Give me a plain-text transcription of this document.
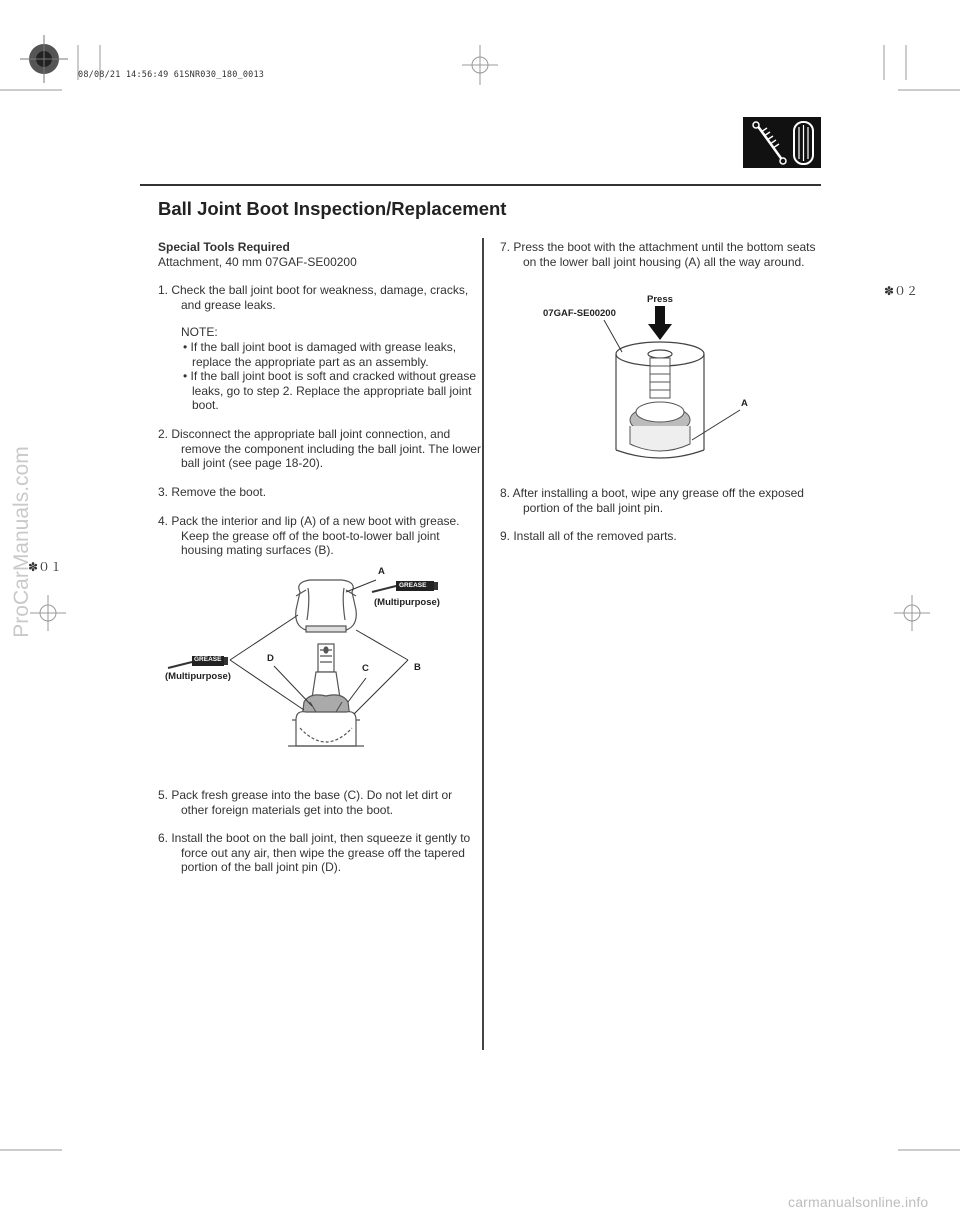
08/08/21 14:56:49 61SNR030_180_0013
Ball Joint Boot Inspection/Replacement
✽０２
✽０１
Special Tools Required
Attachment, 40 mm 07GAF-SE00200
1. Check the ball joint boot for weakness, damage, cracks, and grease leaks.
NOTE:
• If the ball joint boot is damaged with grease leaks, replace the appropriate part as an assembly.
• If the ball joint boot is soft and cracked without grease leaks, go to step 2. Replace the appropriate ball joint boot.
2. Disconnect the appropriate ball joint connection, and remove the component including the ball joint. The lower ball joint (see page 18-20).
3. Remove the boot.
4. Pack the interior and lip (A) of a new boot with grease. Keep the grease off of the boot-to-lower ball joint housing mating surfaces (B).
A
B
C
D
GREASE
GREASE
(Multipurpose)
(Multipurpose)
5. Pack fresh grease into the base (C). Do not let dirt or other foreign materials get into the boot.
6. Install the boot on the ball joint, then squeeze it gently to force out any air, then wipe the grease off the tapered portion of the ball joint pin (D).
7. Press the boot with the attachment until the bottom seats on the lower ball joint housing (A) all the way around.
Press
07GAF-SE00200
A
8. After installing a boot, wipe any grease off the exposed portion of the ball joint pin.
9. Install all of the removed parts.
ProCarManuals.com
carmanualsonline.info
